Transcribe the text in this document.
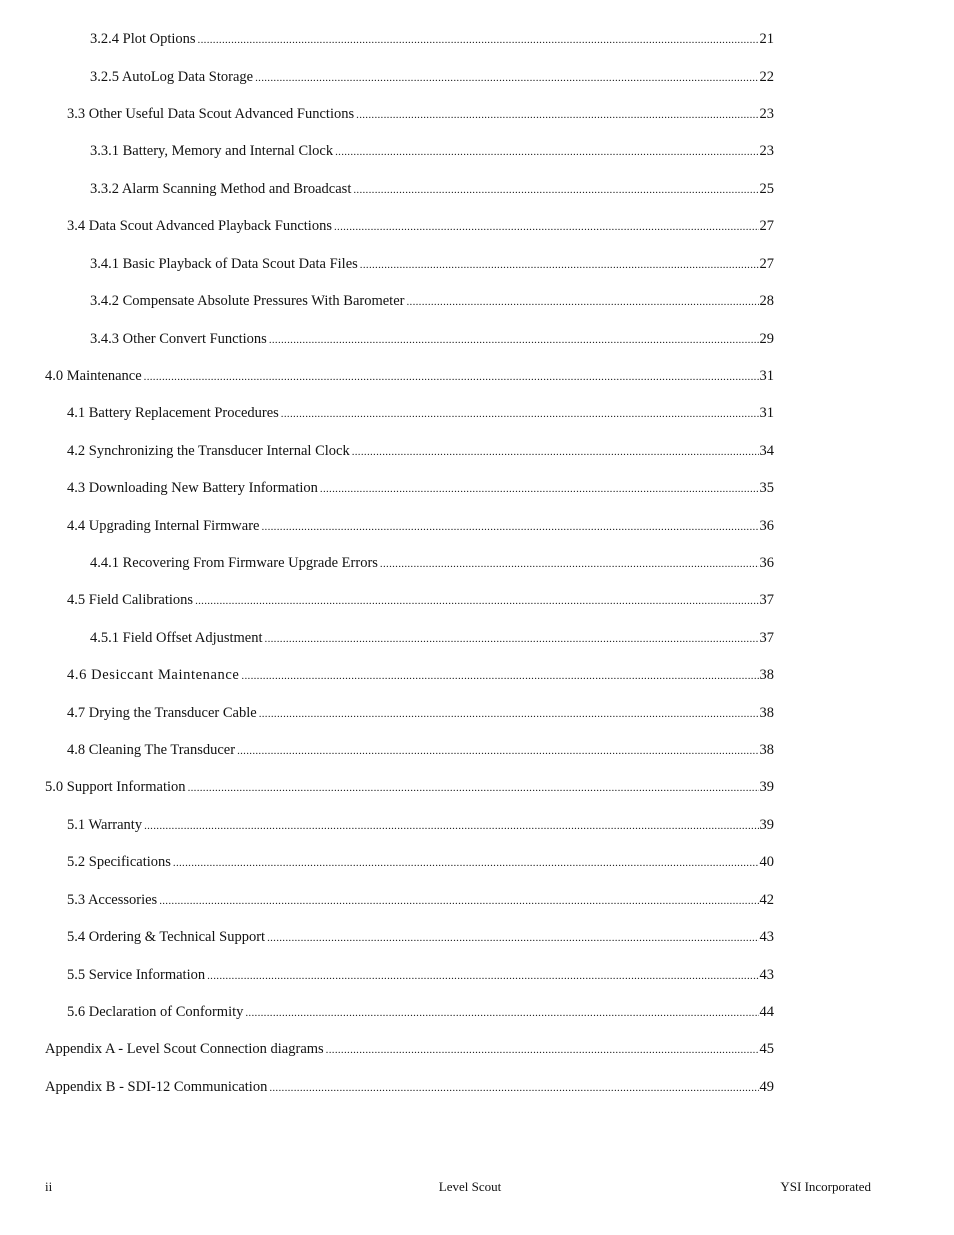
3.2.4 Plot Options .....	21
3.2.5 AutoLog Data Storage .....	22
3.3 Other Useful Data Scout Advanced Functions .....	23
3.3.1 Battery, Memory and Internal Clock .....	23
3.3.2 Alarm Scanning Method and Broadcast .....	25
3.4 Data Scout Advanced Playback Functions .....	27
3.4.1 Basic Playback of Data Scout Data Files .....	27
3.4.2 Compensate Absolute Pressures With Barometer .....	28
3.4.3 Other Convert Functions .....	29
4.0 Maintenance .....	31
4.1 Battery Replacement Procedures .....	31
4.2 Synchronizing the Transducer Internal Clock .....	34
4.3 Downloading New Battery Information .....	35
4.4 Upgrading Internal Firmware .....	36
4.4.1 Recovering From Firmware Upgrade Errors .....	36
4.5 Field Calibrations .....	37
4.5.1 Field Offset Adjustment .....	37
4.6 Desiccant Maintenance .....	38
4.7 Drying the Transducer Cable .....	38
4.8 Cleaning The Transducer .....	38
5.0 Support Information .....	39
5.1 Warranty .....	39
5.2 Specifications .....	40
5.3 Accessories .....	42
5.4 Ordering & Technical Support .....	43
5.5 Service Information .....	43
5.6 Declaration of Conformity .....	44
Appendix A - Level Scout Connection diagrams .....	45
Appendix B - SDI-12 Communication .....	49
ii	Level Scout	YSI Incorporated
